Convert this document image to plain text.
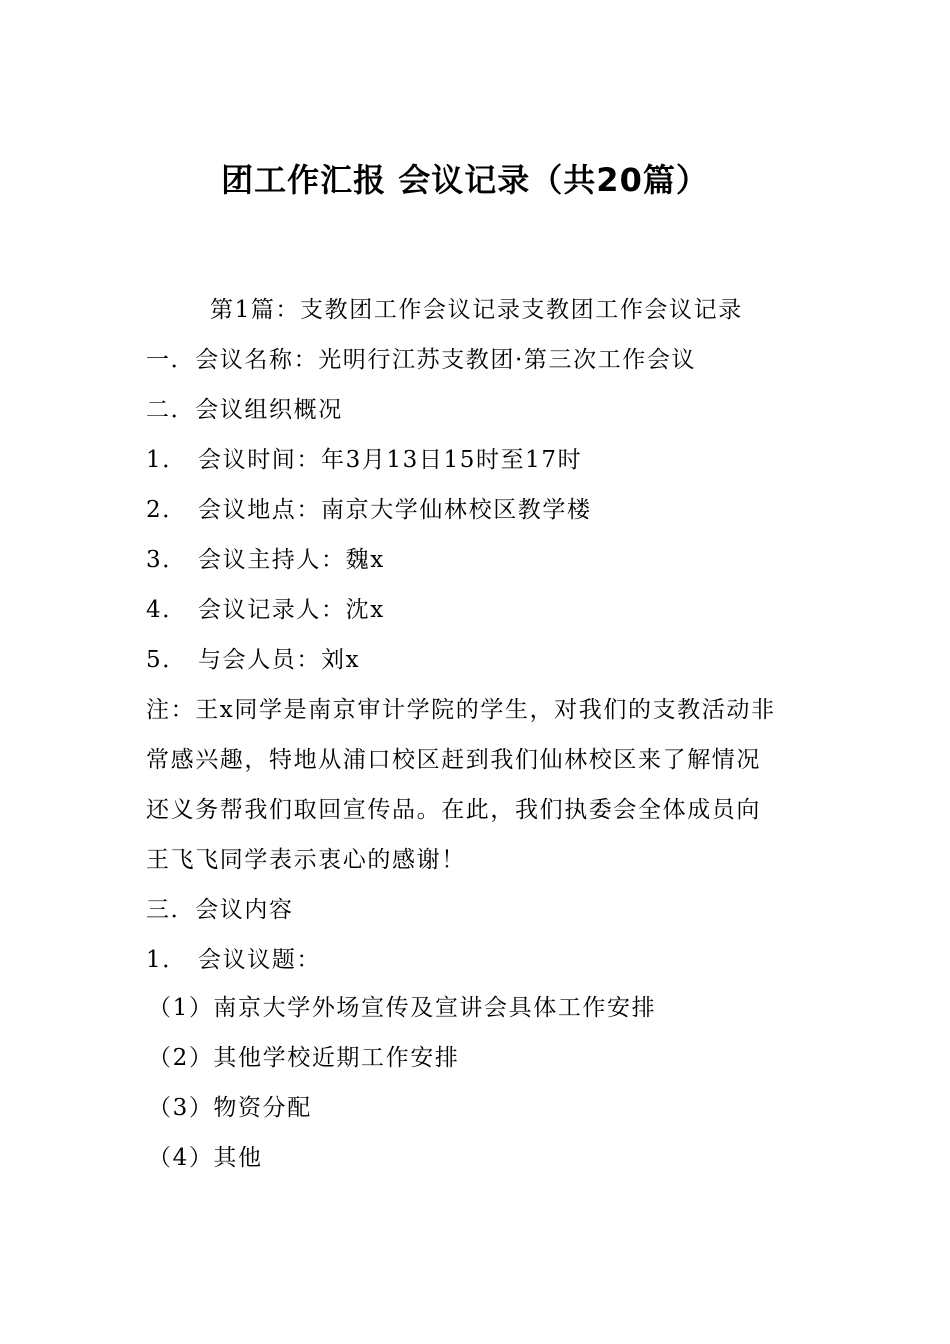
团工作汇报 会议记录（共20篇）
第1篇：支教团工作会议记录支教团工作会议记录
一．会议名称：光明行江苏支教团·第三次工作会议
二．会议组织概况
1． 会议时间：年3月13日15时至17时
2． 会议地点：南京大学仙林校区教学楼
3． 会议主持人：魏x
4． 会议记录人：沈x
5． 与会人员：刘x
注：王x同学是南京审计学院的学生，对我们的支教活动非
常感兴趣，特地从浦口校区赶到我们仙林校区来了解情况
还义务帮我们取回宣传品。在此，我们执委会全体成员向
王飞飞同学表示衷心的感谢！
三．会议内容
1． 会议议题：
（1）南京大学外场宣传及宣讲会具体工作安排
（2）其他学校近期工作安排
（3）物资分配
（4）其他
